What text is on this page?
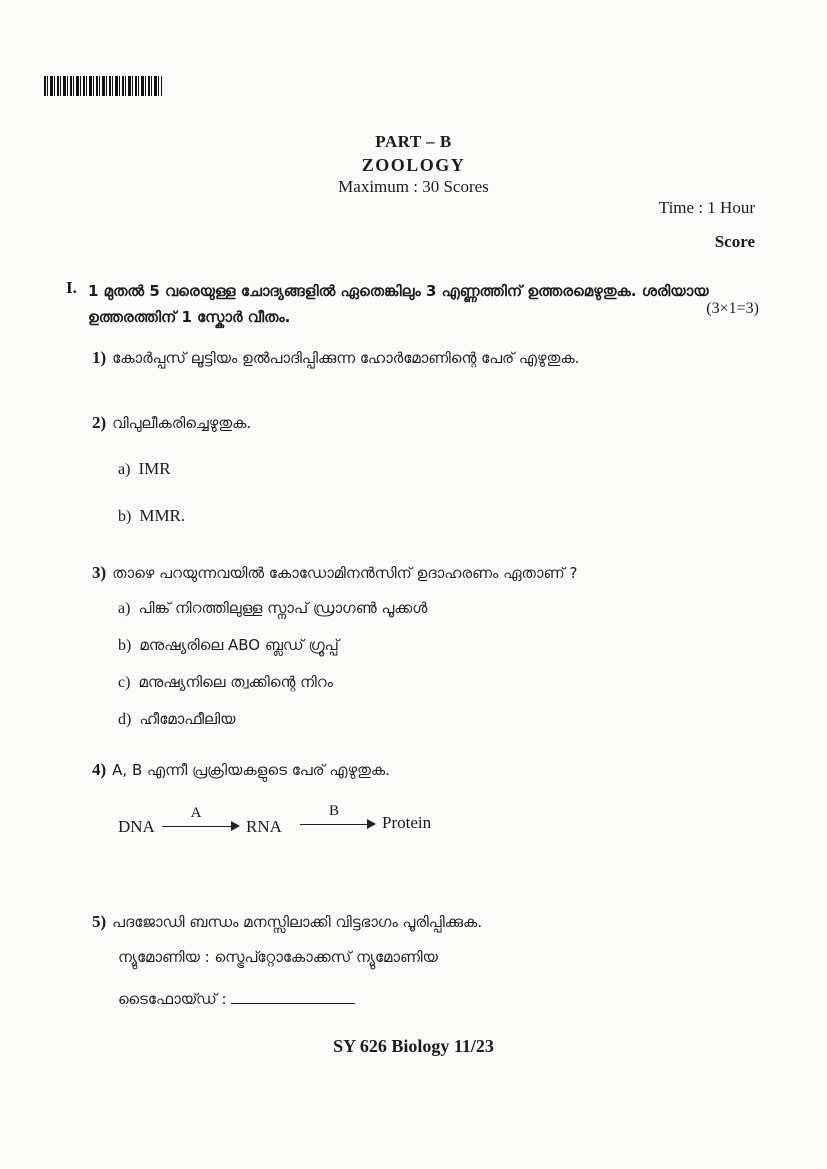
PART – B
ZOOLOGY
Maximum : 30 Scores
Time : 1 Hour
Score
I. 1 മുതൽ 5 വരെയുള്ള ചോദ്യങ്ങളിൽ ഏതെങ്കിലും 3 എണ്ണത്തിന് ഉത്തരമെഴുതുക. ശരിയായ
ഉത്തരത്തിന് 1 സ്കോർ വീതം.	(3×1=3)
1) കോർപ്പസ് ലൂട്ടിയം ഉൽപാദിപ്പിക്കുന്ന ഹോർമോണിന്റെ പേര് എഴുതുക.
2) വിപുലീകരിച്ചെഴുതുക.
a) IMR
b) MMR.
3) താഴെ പറയുന്നവയിൽ കോഡോമിനൻസിന് ഉദാഹരണം ഏതാണ് ?
a) പിങ്ക് നിറത്തിലുള്ള സ്നാപ് ഡ്രാഗൺ പൂക്കൾ
b) മനുഷ്യരിലെ ABO ബ്ലഡ് ഗ്രൂപ്പ്
c) മനുഷ്യനിലെ ത്വക്കിന്റെ നിറം
d) ഹീമോഫീലിയ
4) A, B എന്നീ പ്രക്രിയകളുടെ പേര് എഴുതുക.
DNA
A
RNA
B
Protein
5) പദജോഡി ബന്ധം മനസ്സിലാക്കി വിട്ടഭാഗം പൂരിപ്പിക്കുക.
ന്യുമോണിയ : സ്ട്രെപ്റ്റോകോക്കസ് ന്യുമോണിയ
ടൈഫോയ്ഡ് :
SY 626 Biology 11/23
